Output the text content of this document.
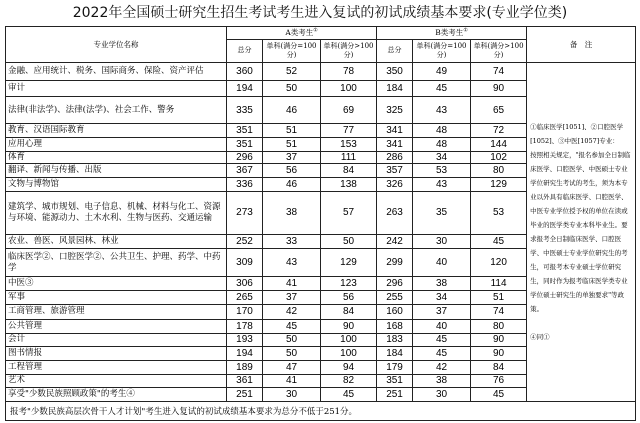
2022年全国硕士研究生招生考试考生进入复试的初试成绩基本要求(专业学位类)
专业学位名称	A类考生①			B类考生①			备　注
	总分	单科(满分=100分)	单科(满分>100分)	总分	单科(满分=100分)	单科(满分>100分)	
金融、应用统计、税务、国际商务、保险、资产评估	360	52	78	350	49	74	①临床医学[1051]、②口腔医学[1052]、③中医[1057]专业：

按照相关规定，"报名参加全日制临床医学、口腔医学、中医硕士专业学位研究生考试的考生，须为本专业以外具有临床医学、口腔医学、中医专业学位授予权的单位在读或毕业的医学类专业本科毕业生。要求报考全日制临床医学、口腔医学、中医硕士专业学位研究生的考生，可报考本专业硕士学位研究生，同时作为报考临床医学类专业学位硕士研究生的单独要求"等政策。

④同①

审计	194	50	100	184	45	90	
法律(非法学)、法律(法学)、社会工作、警务	335	46	69	325	43	65	
教育、汉语国际教育	351	51	77	341	48	72	
应用心理	351	51	153	341	48	144	
体育	296	37	111	286	34	102	
翻译、新闻与传播、出版	367	56	84	357	53	80	
文物与博物馆	336	46	138	326	43	129	
建筑学、城市规划、电子信息、机械、材料与化工、资源与环境、能源动力、土木水利、生物与医药、交通运输	273	38	57	263	35	53	
农业、兽医、风景园林、林业	252	33	50	242	30	45	
临床医学②、口腔医学②、公共卫生、护理、药学、中药学	309	43	129	299	40	120	
中医③	306	41	123	296	38	114	
军事	265	37	56	255	34	51	
工商管理、旅游管理	170	42	84	160	37	74	
公共管理	178	45	90	168	40	80	
会计	193	50	100	183	45	90	
图书情报	194	50	100	184	45	90	
工程管理	189	47	94	179	42	84	
艺术	361	41	82	351	38	76	
享受"少数民族照顾政策"的考生④	251	30	45	251	30	45	
报考"少数民族高层次骨干人才计划"考生进入复试的初试成绩基本要求为总分不低于251分。							
